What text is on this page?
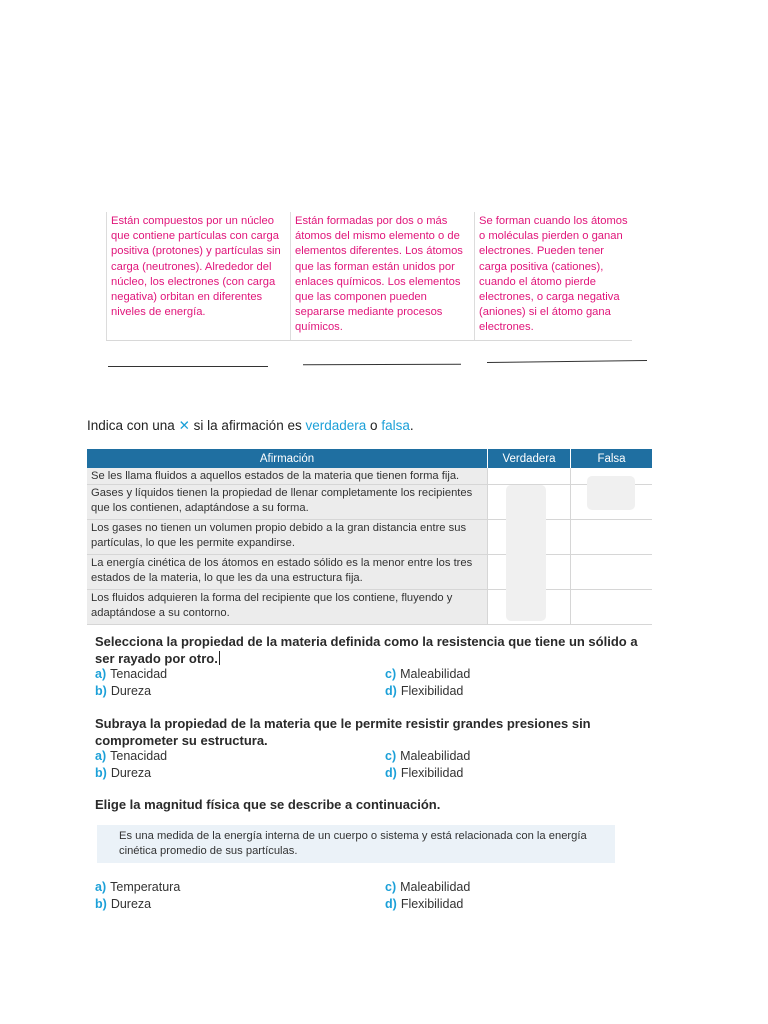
Están compuestos por un núcleo que contiene partículas con carga positiva (protones) y partículas sin carga (neutrones). Alrededor del núcleo, los electrones (con carga negativa) orbitan en diferentes niveles de energía.
Están formadas por dos o más átomos del mismo elemento o de elementos diferentes. Los átomos que las forman están unidos por enlaces químicos. Los elementos que las componen pueden separarse mediante procesos químicos.
Se forman cuando los átomos o moléculas pierden o ganan electrones. Pueden tener carga positiva (cationes), cuando el átomo pierde electrones, o carga negativa (aniones) si el átomo gana electrones.
Indica con una ✕ si la afirmación es verdadera o falsa.
Afirmación	Verdadera	Falsa
Se les llama fluidos a aquellos estados de la materia que tienen forma fija.
Gases y líquidos tienen la propiedad de llenar completamente los recipientes que los contienen, adaptándose a su forma.
Los gases no tienen un volumen propio debido a la gran distancia entre sus partículas, lo que les permite expandirse.
La energía cinética de los átomos en estado sólido es la menor entre los tres estados de la materia, lo que les da una estructura fija.
Los fluidos adquieren la forma del recipiente que los contiene, fluyendo y adaptándose a su contorno.
Selecciona la propiedad de la materia definida como la resistencia que tiene un sólido a ser rayado por otro.
a) Tenacidad
b) Dureza
c) Maleabilidad
d) Flexibilidad
Subraya la propiedad de la materia que le permite resistir grandes presiones sin comprometer su estructura.
a) Tenacidad
b) Dureza
c) Maleabilidad
d) Flexibilidad
Elige la magnitud física que se describe a continuación.
Es una medida de la energía interna de un cuerpo o sistema y está relacionada con la energía cinética promedio de sus partículas.
a) Temperatura
b) Dureza
c) Maleabilidad
d) Flexibilidad
